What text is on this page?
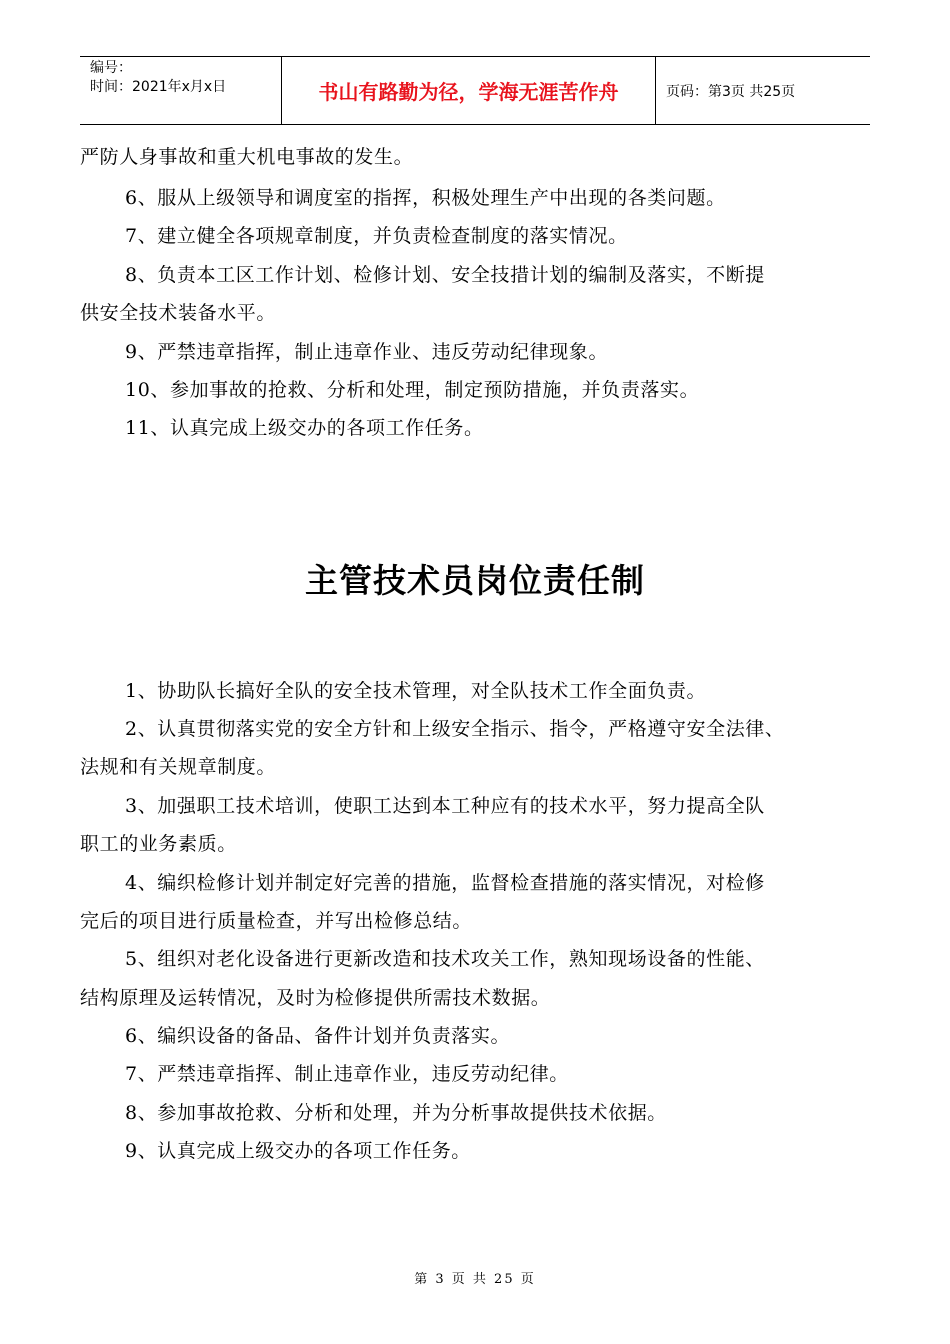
编号：
时间：2021年x月x日	书山有路勤为径，学海无涯苦作舟	页码：第3页 共25页

严防人身事故和重大机电事故的发生。

6、服从上级领导和调度室的指挥，积极处理生产中出现的各类问题。

7、建立健全各项规章制度，并负责检查制度的落实情况。

8、负责本工区工作计划、检修计划、安全技措计划的编制及落实，不断提

供安全技术装备水平。

9、严禁违章指挥，制止违章作业、违反劳动纪律现象。

10、参加事故的抢救、分析和处理，制定预防措施，并负责落实。

11、认真完成上级交办的各项工作任务。

主管技术员岗位责任制

1、协助队长搞好全队的安全技术管理，对全队技术工作全面负责。

2、认真贯彻落实党的安全方针和上级安全指示、指令，严格遵守安全法律、

法规和有关规章制度。

3、加强职工技术培训，使职工达到本工种应有的技术水平，努力提高全队

职工的业务素质。

4、编织检修计划并制定好完善的措施，监督检查措施的落实情况，对检修

完后的项目进行质量检查，并写出检修总结。

5、组织对老化设备进行更新改造和技术攻关工作，熟知现场设备的性能、

结构原理及运转情况，及时为检修提供所需技术数据。

6、编织设备的备品、备件计划并负责落实。

7、严禁违章指挥、制止违章作业，违反劳动纪律。

8、参加事故抢救、分析和处理，并为分析事故提供技术依据。

9、认真完成上级交办的各项工作任务。

第 3 页 共 25 页
